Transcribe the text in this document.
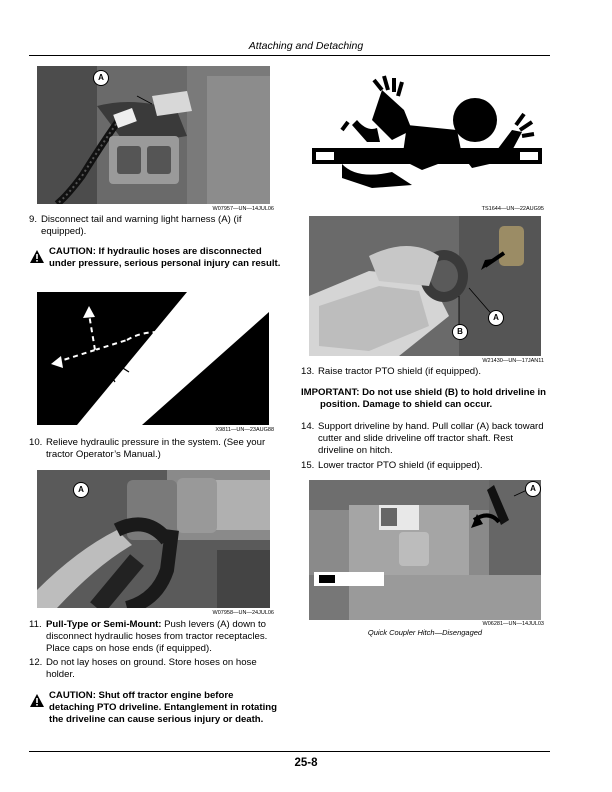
Attaching and Detaching
A
W07957—UN—14JUL06
9. Disconnect tail and warning light harness (A) (if equipped).
CAUTION: If hydraulic hoses are disconnected under pressure, serious personal injury can result.
X9811—UN—23AUG88
10. Relieve hydraulic pressure in the system. (See your tractor Operator’s Manual.)
A
W07958—UN—24JUL06
11. Pull-Type or Semi-Mount: Push levers (A) down to disconnect hydraulic hoses from tractor receptacles. Place caps on hose ends (if equipped).
12. Do not lay hoses on ground. Store hoses on hose holder.
CAUTION: Shut off tractor engine before detaching PTO driveline. Entanglement in rotating the driveline can cause serious injury or death.
TS1644—UN—22AUG95
B
A
W21430—UN—17JAN11
13. Raise tractor PTO shield (if equipped).
IMPORTANT: Do not use shield (B) to hold driveline in position. Damage to shield can occur.
14. Support driveline by hand. Pull collar (A) back toward cutter and slide driveline off tractor shaft. Rest driveline on hitch.
15. Lower tractor PTO shield (if equipped).
A
W06281—UN—14JUL03
Quick Coupler Hitch—Disengaged
25-8
